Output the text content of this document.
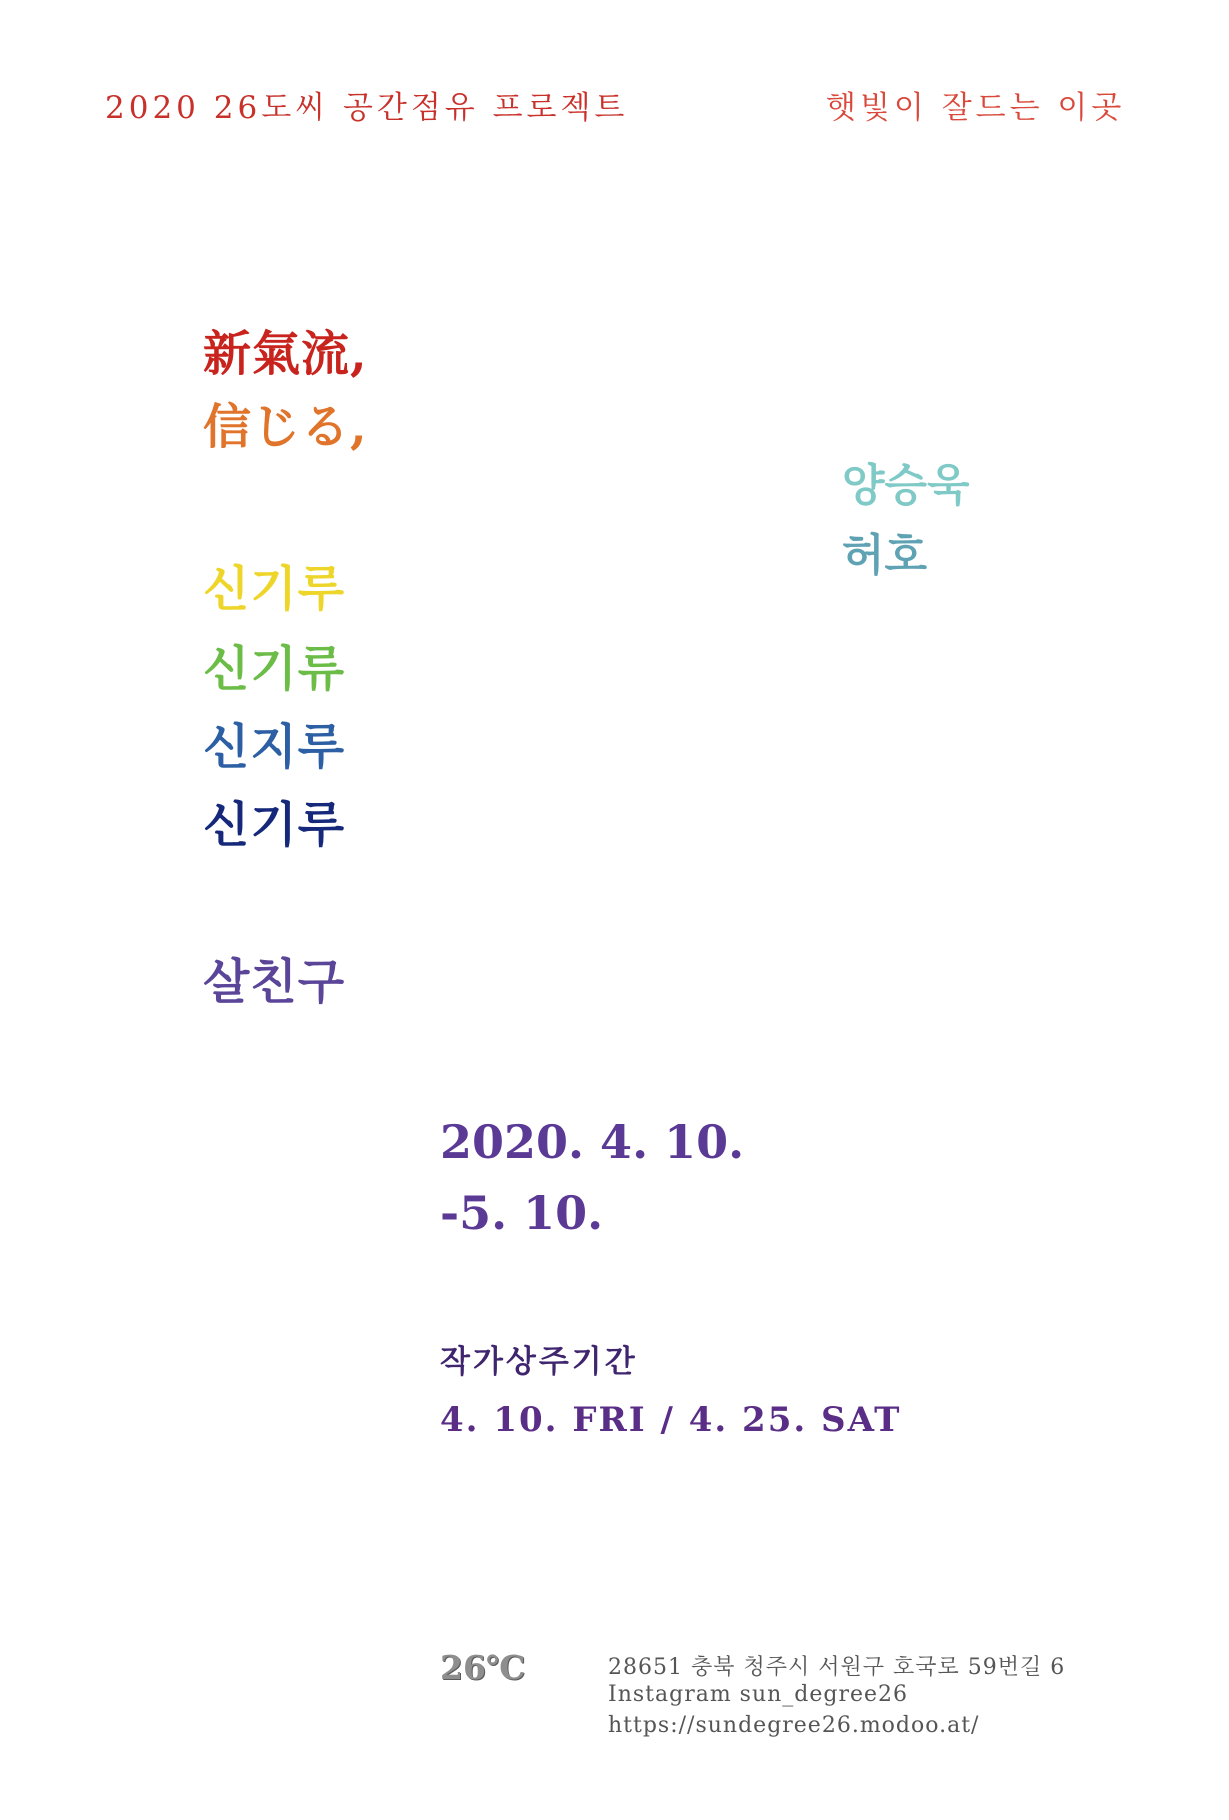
2020 26도씨 공간점유 프로젝트	햇빛이 잘드는 이곳
新氣流,
信じる,
신기루
신기류
신지루
신기루
살친구
양승욱
허호
2020. 4. 10.
-5. 10.
작가상주기간
4. 10. FRI / 4. 25. SAT
26℃	28651 충북 청주시 서원구 호국로 59번길 6
Instagram sun_degree26
https://sundegree26.modoo.at/
